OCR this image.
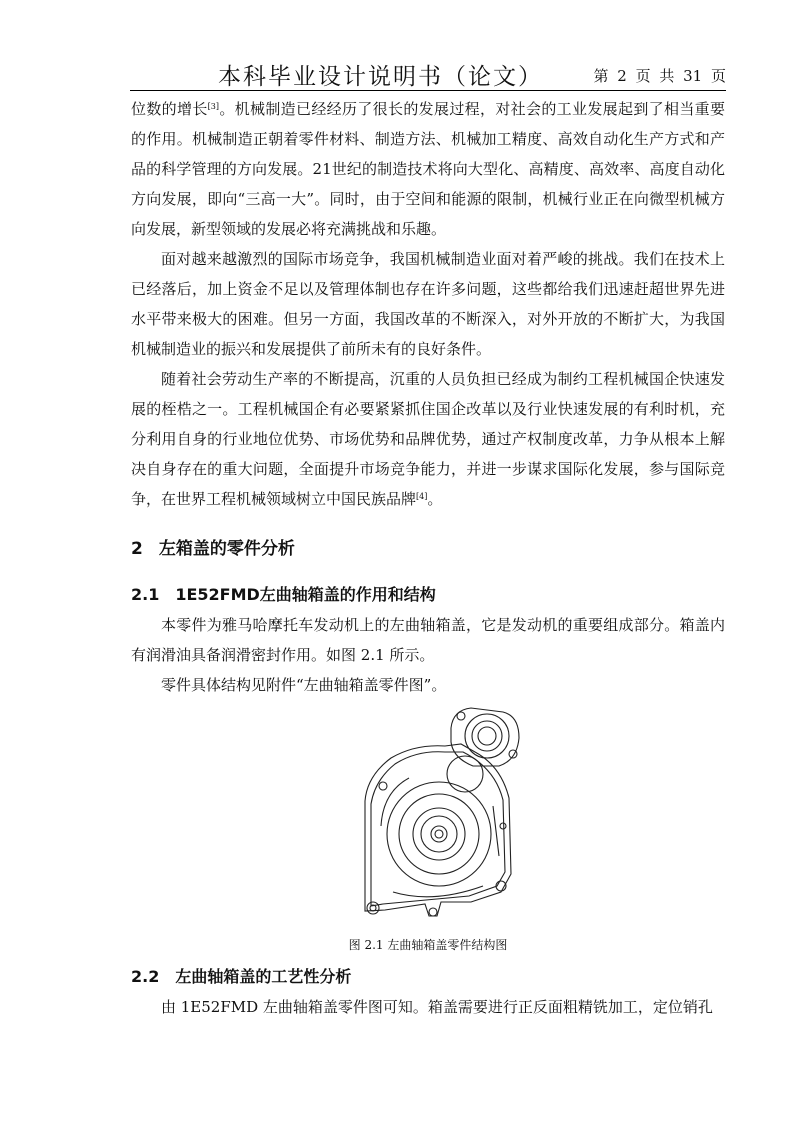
本科毕业设计说明书（论文）	第 2 页 共 31 页

位数的增长[3]。机械制造已经经历了很长的发展过程，对社会的工业发展起到了相当重要的作用。机械制造正朝着零件材料、制造方法、机械加工精度、高效自动化生产方式和产品的科学管理的方向发展。21世纪的制造技术将向大型化、高精度、高效率、高度自动化方向发展，即向“三高一大”。同时，由于空间和能源的限制，机械行业正在向微型机械方向发展，新型领域的发展必将充满挑战和乐趣。

面对越来越激烈的国际市场竞争，我国机械制造业面对着严峻的挑战。我们在技术上已经落后，加上资金不足以及管理体制也存在许多问题，这些都给我们迅速赶超世界先进水平带来极大的困难。但另一方面，我国改革的不断深入，对外开放的不断扩大，为我国机械制造业的振兴和发展提供了前所未有的良好条件。

随着社会劳动生产率的不断提高，沉重的人员负担已经成为制约工程机械国企快速发展的桎梏之一。工程机械国企有必要紧紧抓住国企改革以及行业快速发展的有利时机，充分利用自身的行业地位优势、市场优势和品牌优势，通过产权制度改革，力争从根本上解决自身存在的重大问题，全面提升市场竞争能力，并进一步谋求国际化发展，参与国际竞争，在世界工程机械领域树立中国民族品牌[4]。

2 左箱盖的零件分析
2.1 1E52FMD左曲轴箱盖的作用和结构

本零件为雅马哈摩托车发动机上的左曲轴箱盖，它是发动机的重要组成部分。箱盖内有润滑油具备润滑密封作用。如图 2.1 所示。

零件具体结构见附件“左曲轴箱盖零件图”。

图 2.1 左曲轴箱盖零件结构图
2.2 左曲轴箱盖的工艺性分析

由 1E52FMD 左曲轴箱盖零件图可知。箱盖需要进行正反面粗精铣加工，定位销孔
